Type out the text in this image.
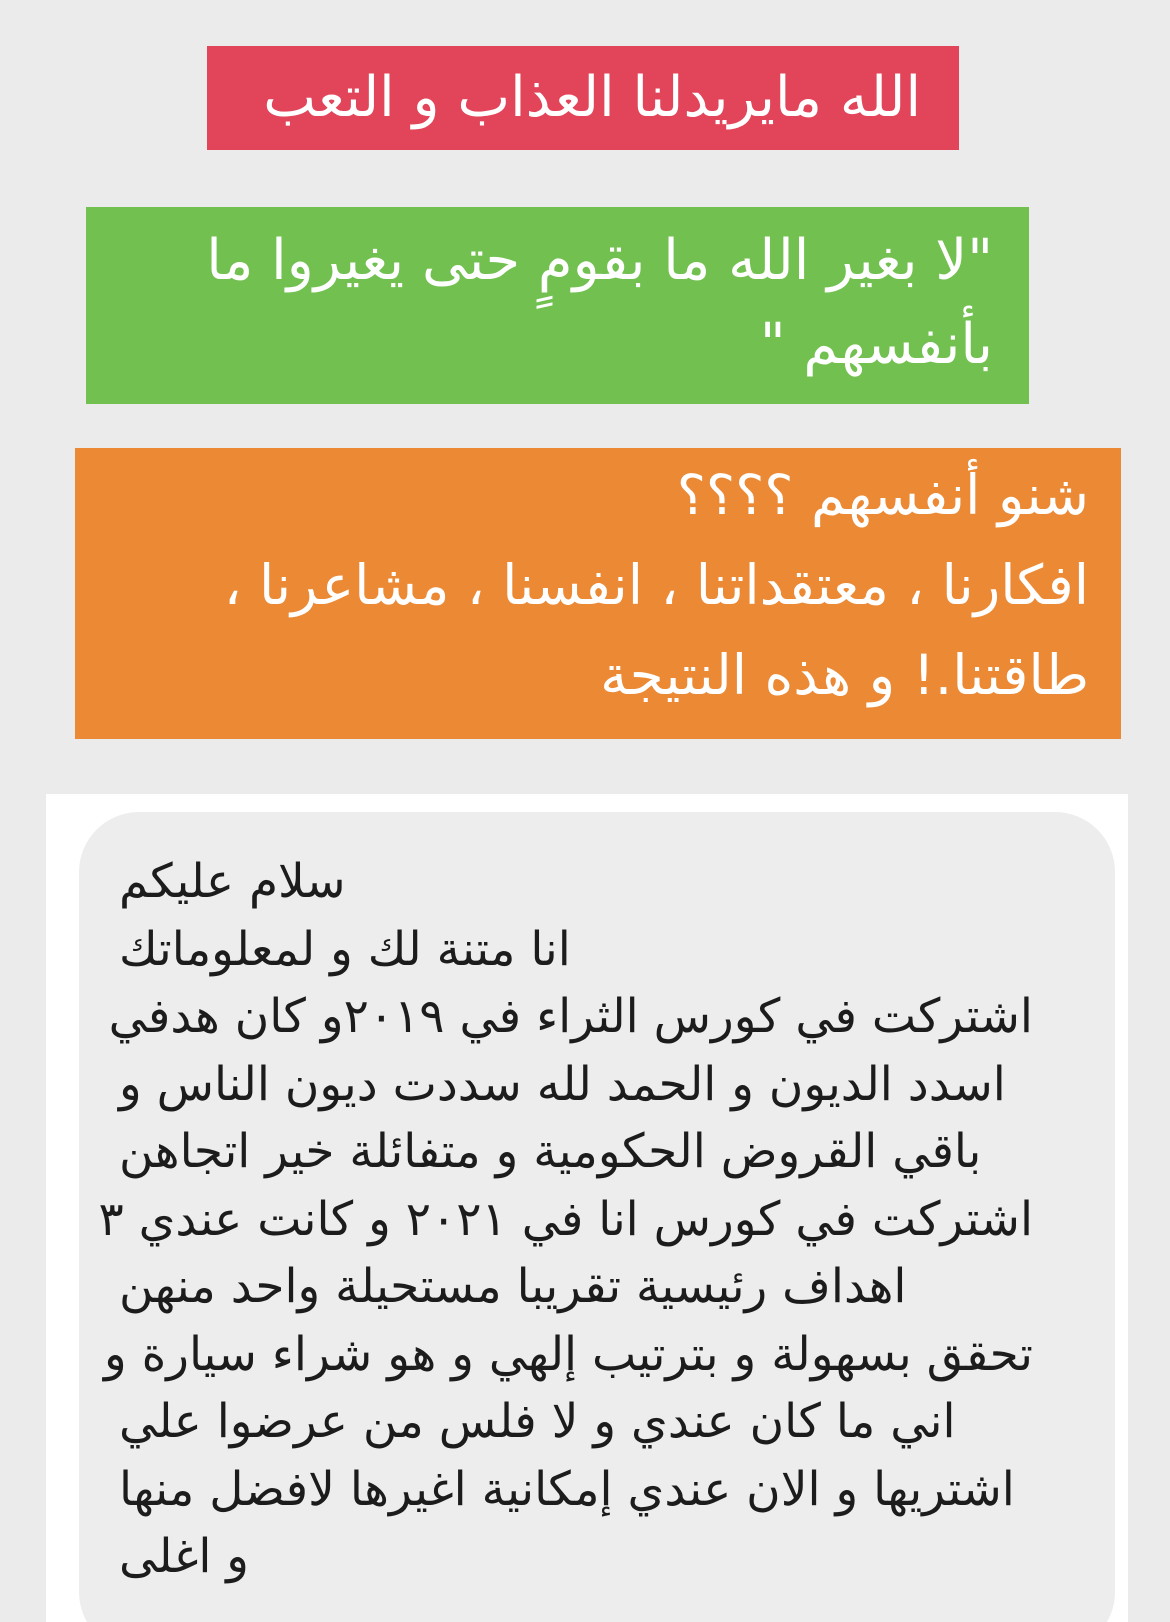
الله مايريدلنا العذاب و التعب
"لا بغير الله ما بقومٍ حتى يغيروا ما
بأنفسهم "
شنو أنفسهم ؟؟؟؟
افكارنا ، معتقداتنا ، انفسنا ، مشاعرنا ،
طاقتنا.! و هذه النتيجة
سلام عليكم
انا متنة لك و لمعلوماتك
اشتركت في كورس الثراء في ٢٠١٩و كان هدفي
اسدد الديون و الحمد لله سددت ديون الناس و
باقي القروض الحكومية و متفائلة خير اتجاهن
اشتركت في كورس انا في ٢٠٢١ و كانت عندي ٣
اهداف رئيسية تقريبا مستحيلة واحد منهن
تحقق بسهولة و بترتيب إلهي و هو شراء سيارة و
اني ما كان عندي و لا فلس من عرضوا علي
اشتريها و الان عندي إمكانية اغيرها لافضل منها
و اغلى
